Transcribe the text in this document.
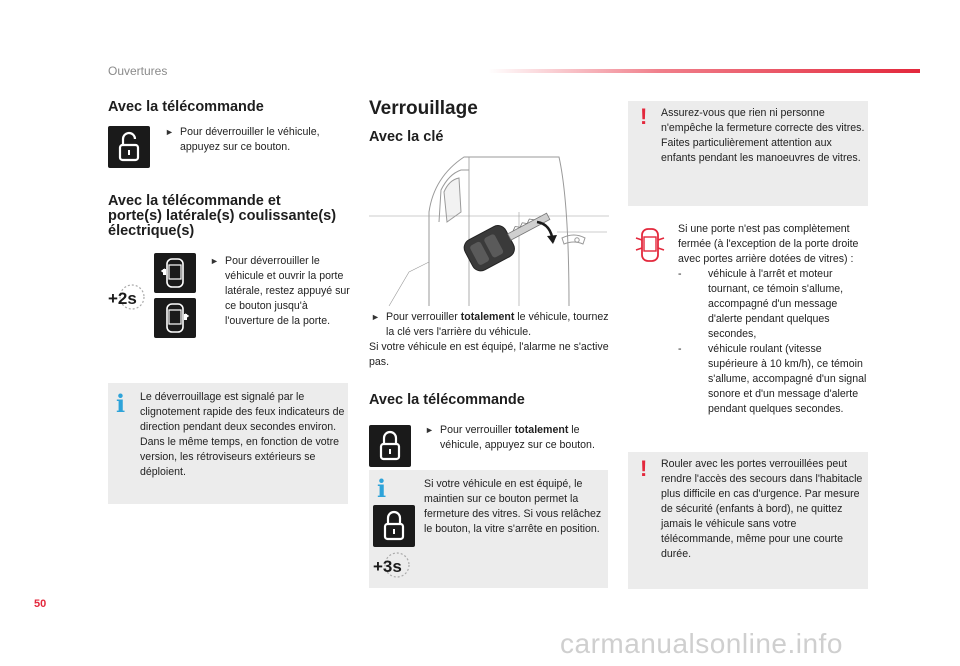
Ouvertures
Avec la télécommande
► Pour déverrouiller le véhicule, appuyez sur ce bouton.
Avec la télécommande et
porte(s) latérale(s) coulissante(s)
électrique(s)
+2s
► Pour déverrouiller le véhicule et ouvrir la porte latérale, restez appuyé sur ce bouton jusqu'à l'ouverture de la porte.
i Le déverrouillage est signalé par le clignotement rapide des feux indicateurs de direction pendant deux secondes environ. Dans le même temps, en fonction de votre version, les rétroviseurs extérieurs se déploient.
Verrouillage
Avec la clé
► Pour verrouiller totalement le véhicule, tournez la clé vers l'arrière du véhicule.
Si votre véhicule en est équipé, l'alarme ne s'active pas.
Avec la télécommande
► Pour verrouiller totalement le véhicule, appuyez sur ce bouton.
i
+3s
Si votre véhicule en est équipé, le maintien sur ce bouton permet la fermeture des vitres. Si vous relâchez le bouton, la vitre s'arrête en position.
! Assurez-vous que rien ni personne n'empêche la fermeture correcte des vitres. Faites particulièrement attention aux enfants pendant les manoeuvres de vitres.
Si une porte n'est pas complètement fermée (à l'exception de la porte droite avec portes arrière dotées de vitres) :
- véhicule à l'arrêt et moteur tournant, ce témoin s'allume, accompagné d'un message d'alerte pendant quelques secondes,
- véhicule roulant (vitesse supérieure à 10 km/h), ce témoin s'allume, accompagné d'un signal sonore et d'un message d'alerte pendant quelques secondes.
! Rouler avec les portes verrouillées peut rendre l'accès des secours dans l'habitacle plus difficile en cas d'urgence. Par mesure de sécurité (enfants à bord), ne quittez jamais le véhicule sans votre télécommande, même pour une courte durée.
50
carmanualsonline.info
